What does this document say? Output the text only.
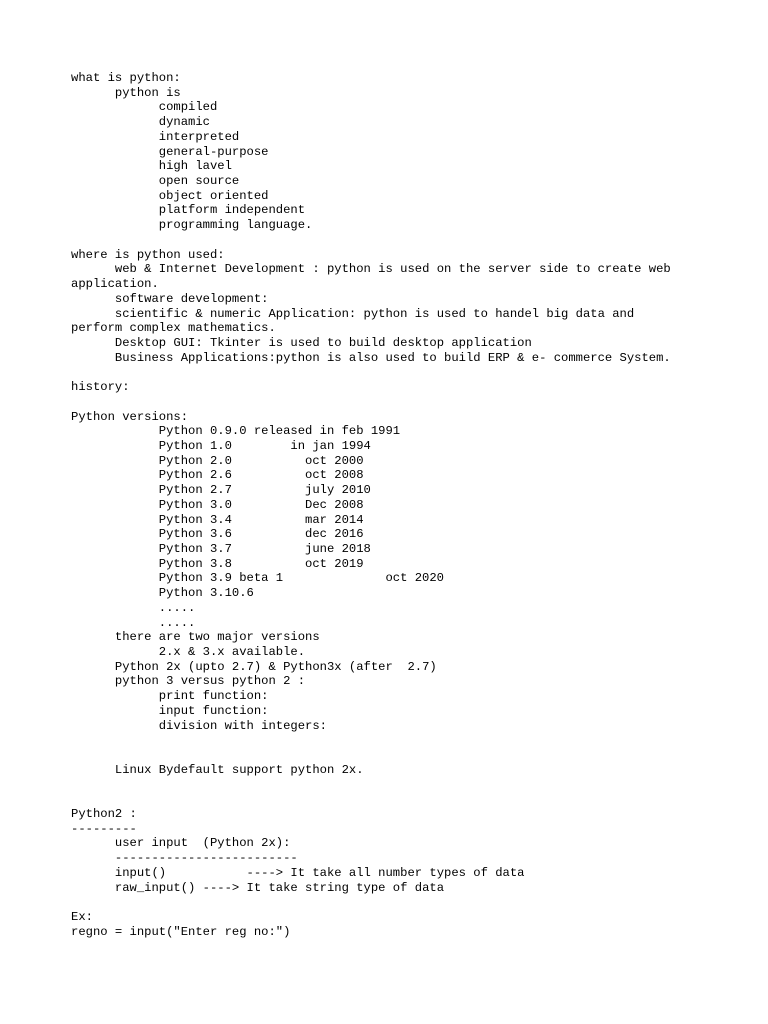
what is python:
	python is
		compiled
		dynamic
		interpreted
		general-purpose
		high lavel
		open source
		object oriented
		platform independent
		programming language.

where is python used:
	web & Internet Development : python is used on the server side to create web
application.
	software development:
	scientific & numeric Application: python is used to handel big data and
perform complex mathematics.
	Desktop GUI: Tkinter is used to build desktop application
	Business Applications:python is also used to build ERP & e- commerce System.

history:

Python versions:
		Python 0.9.0 released in feb 1991
		Python 1.0        in jan 1994
		Python 2.0          oct 2000
		Python 2.6          oct 2008
		Python 2.7          july 2010
		Python 3.0          Dec 2008
		Python 3.4          mar 2014
		Python 3.6          dec 2016
		Python 3.7          june 2018
		Python 3.8          oct 2019
		Python 3.9 beta 1              oct 2020
		Python 3.10.6
		.....
		.....
	there are two major versions
		2.x & 3.x available.
	Python 2x (upto 2.7) & Python3x (after  2.7)
	python 3 versus python 2 :
		print function:
		input function:
		division with integers:

	Linux Bydefault support python 2x.

Python2 :
---------
	user input  (Python 2x):
	-------------------------
	input()           ----> It take all number types of data
	raw_input() ----> It take string type of data

Ex:
regno = input("Enter reg no:")
